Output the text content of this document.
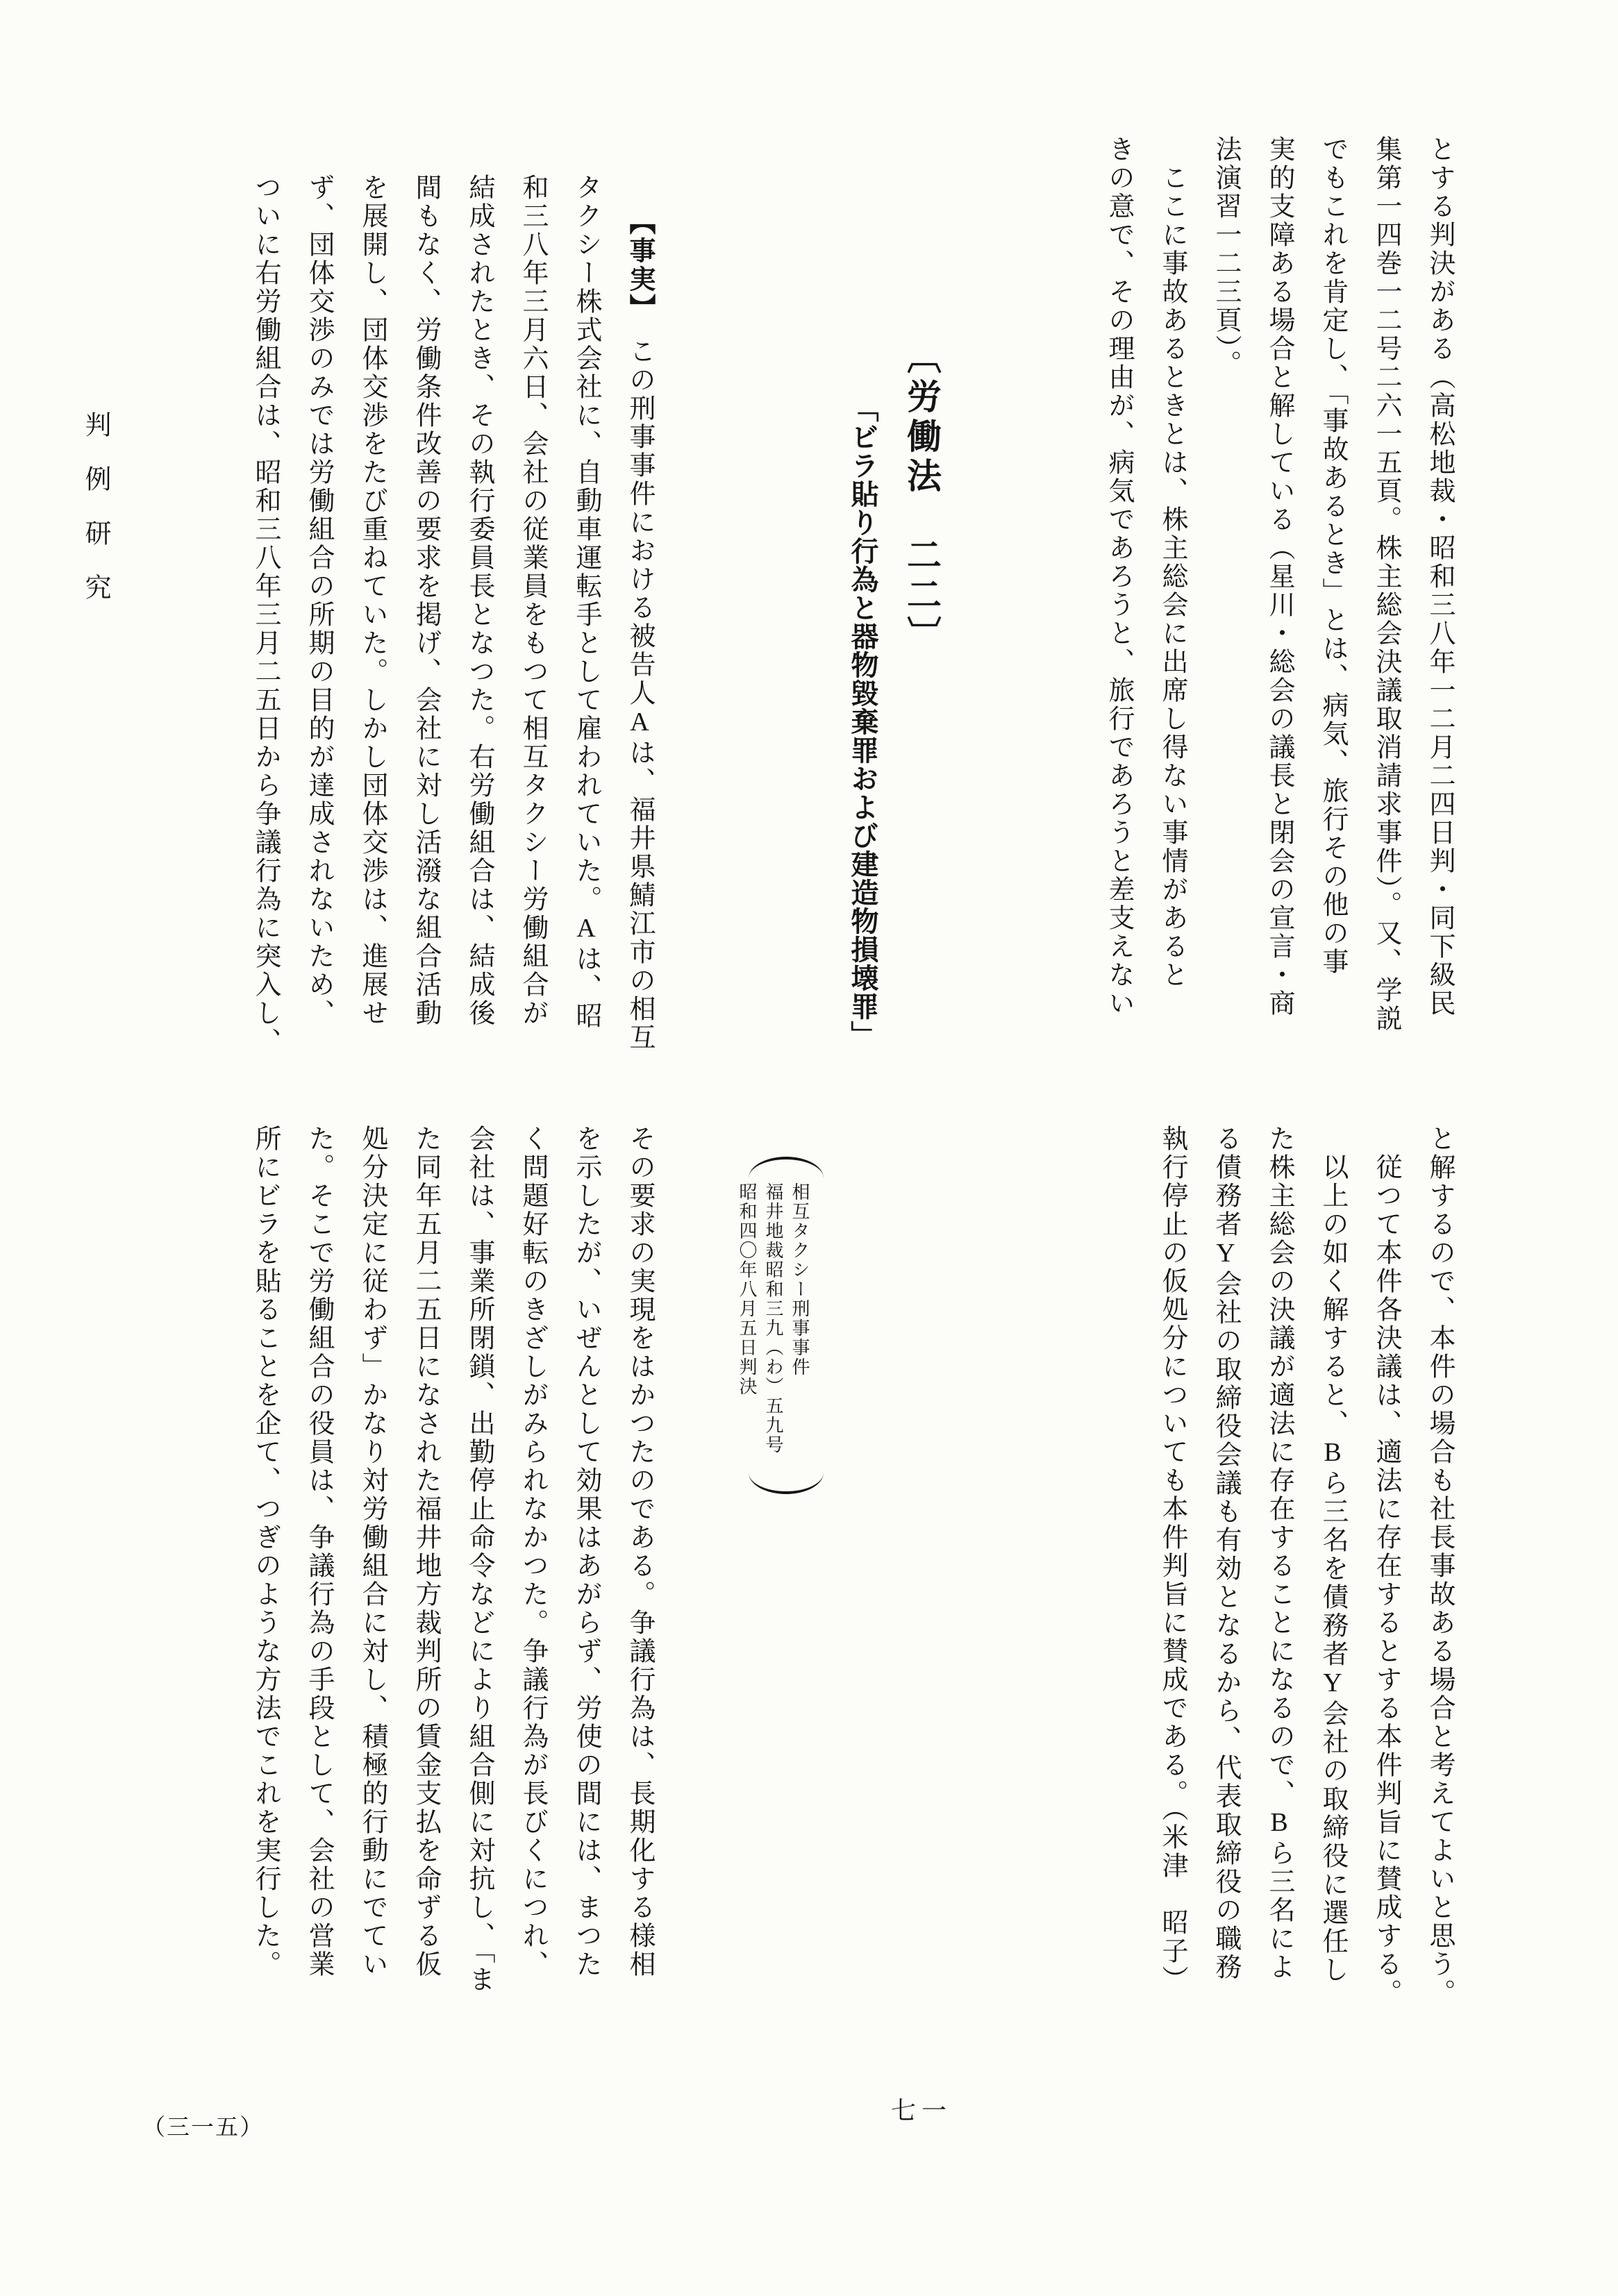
判例研究	とする判決がある（高松地裁・昭和三八年一二月二四日判・同下級民
集第一四巻一二号二六一五頁。株主総会決議取消請求事件）。又、学説
でもこれを肯定し、「事故あるとき」とは、病気、旅行その他の事
実的支障ある場合と解している（星川・総会の議長と閉会の宣言・商
法演習一二三頁）。
　ここに事故あるときとは、株主総会に出席し得ない事情があると
きの意で、その理由が、病気であろうと、旅行であろうと差支えない
と解するので、本件の場合も社長事故ある場合と考えてよいと思う。
　従つて本件各決議は、適法に存在するとする本件判旨に賛成する。
　以上の如く解すると、Bら三名を債務者Y会社の取締役に選任し
た株主総会の決議が適法に存在することになるので、Bら三名によ
る債務者Y会社の取締役会議も有効となるから、代表取締役の職務
執行停止の仮処分についても本件判旨に賛成である。（米津　昭子）
〔労働法　二二〕
「ビラ貼り行為と器物毀棄罪および建造物損壊罪」
相互タクシー刑事事件
福井地裁昭和三九（わ）五九号
昭和四〇年八月五日判決
【事実】　この刑事事件における被告人Aは、福井県鯖江市の相互
タクシー株式会社に、自動車運転手として雇われていた。Aは、昭
和三八年三月六日、会社の従業員をもつて相互タクシー労働組合が
結成されたとき、その執行委員長となつた。右労働組合は、結成後
間もなく、労働条件改善の要求を掲げ、会社に対し活潑な組合活動
を展開し、団体交渉をたび重ねていた。しかし団体交渉は、進展せ
ず、団体交渉のみでは労働組合の所期の目的が達成されないため、
ついに右労働組合は、昭和三八年三月二五日から争議行為に突入し、
その要求の実現をはかつたのである。争議行為は、長期化する様相
を示したが、いぜんとして効果はあがらず、労使の間には、まつた
く問題好転のきざしがみられなかつた。争議行為が長びくにつれ、
会社は、事業所閉鎖、出勤停止命令などにより組合側に対抗し、「ま
た同年五月二五日になされた福井地方裁判所の賃金支払を命ずる仮
処分決定に従わず」かなり対労働組合に対し、積極的行動にでてい
た。そこで労働組合の役員は、争議行為の手段として、会社の営業
所にビラを貼ることを企て、つぎのような方法でこれを実行した。
七一
（三一五）
